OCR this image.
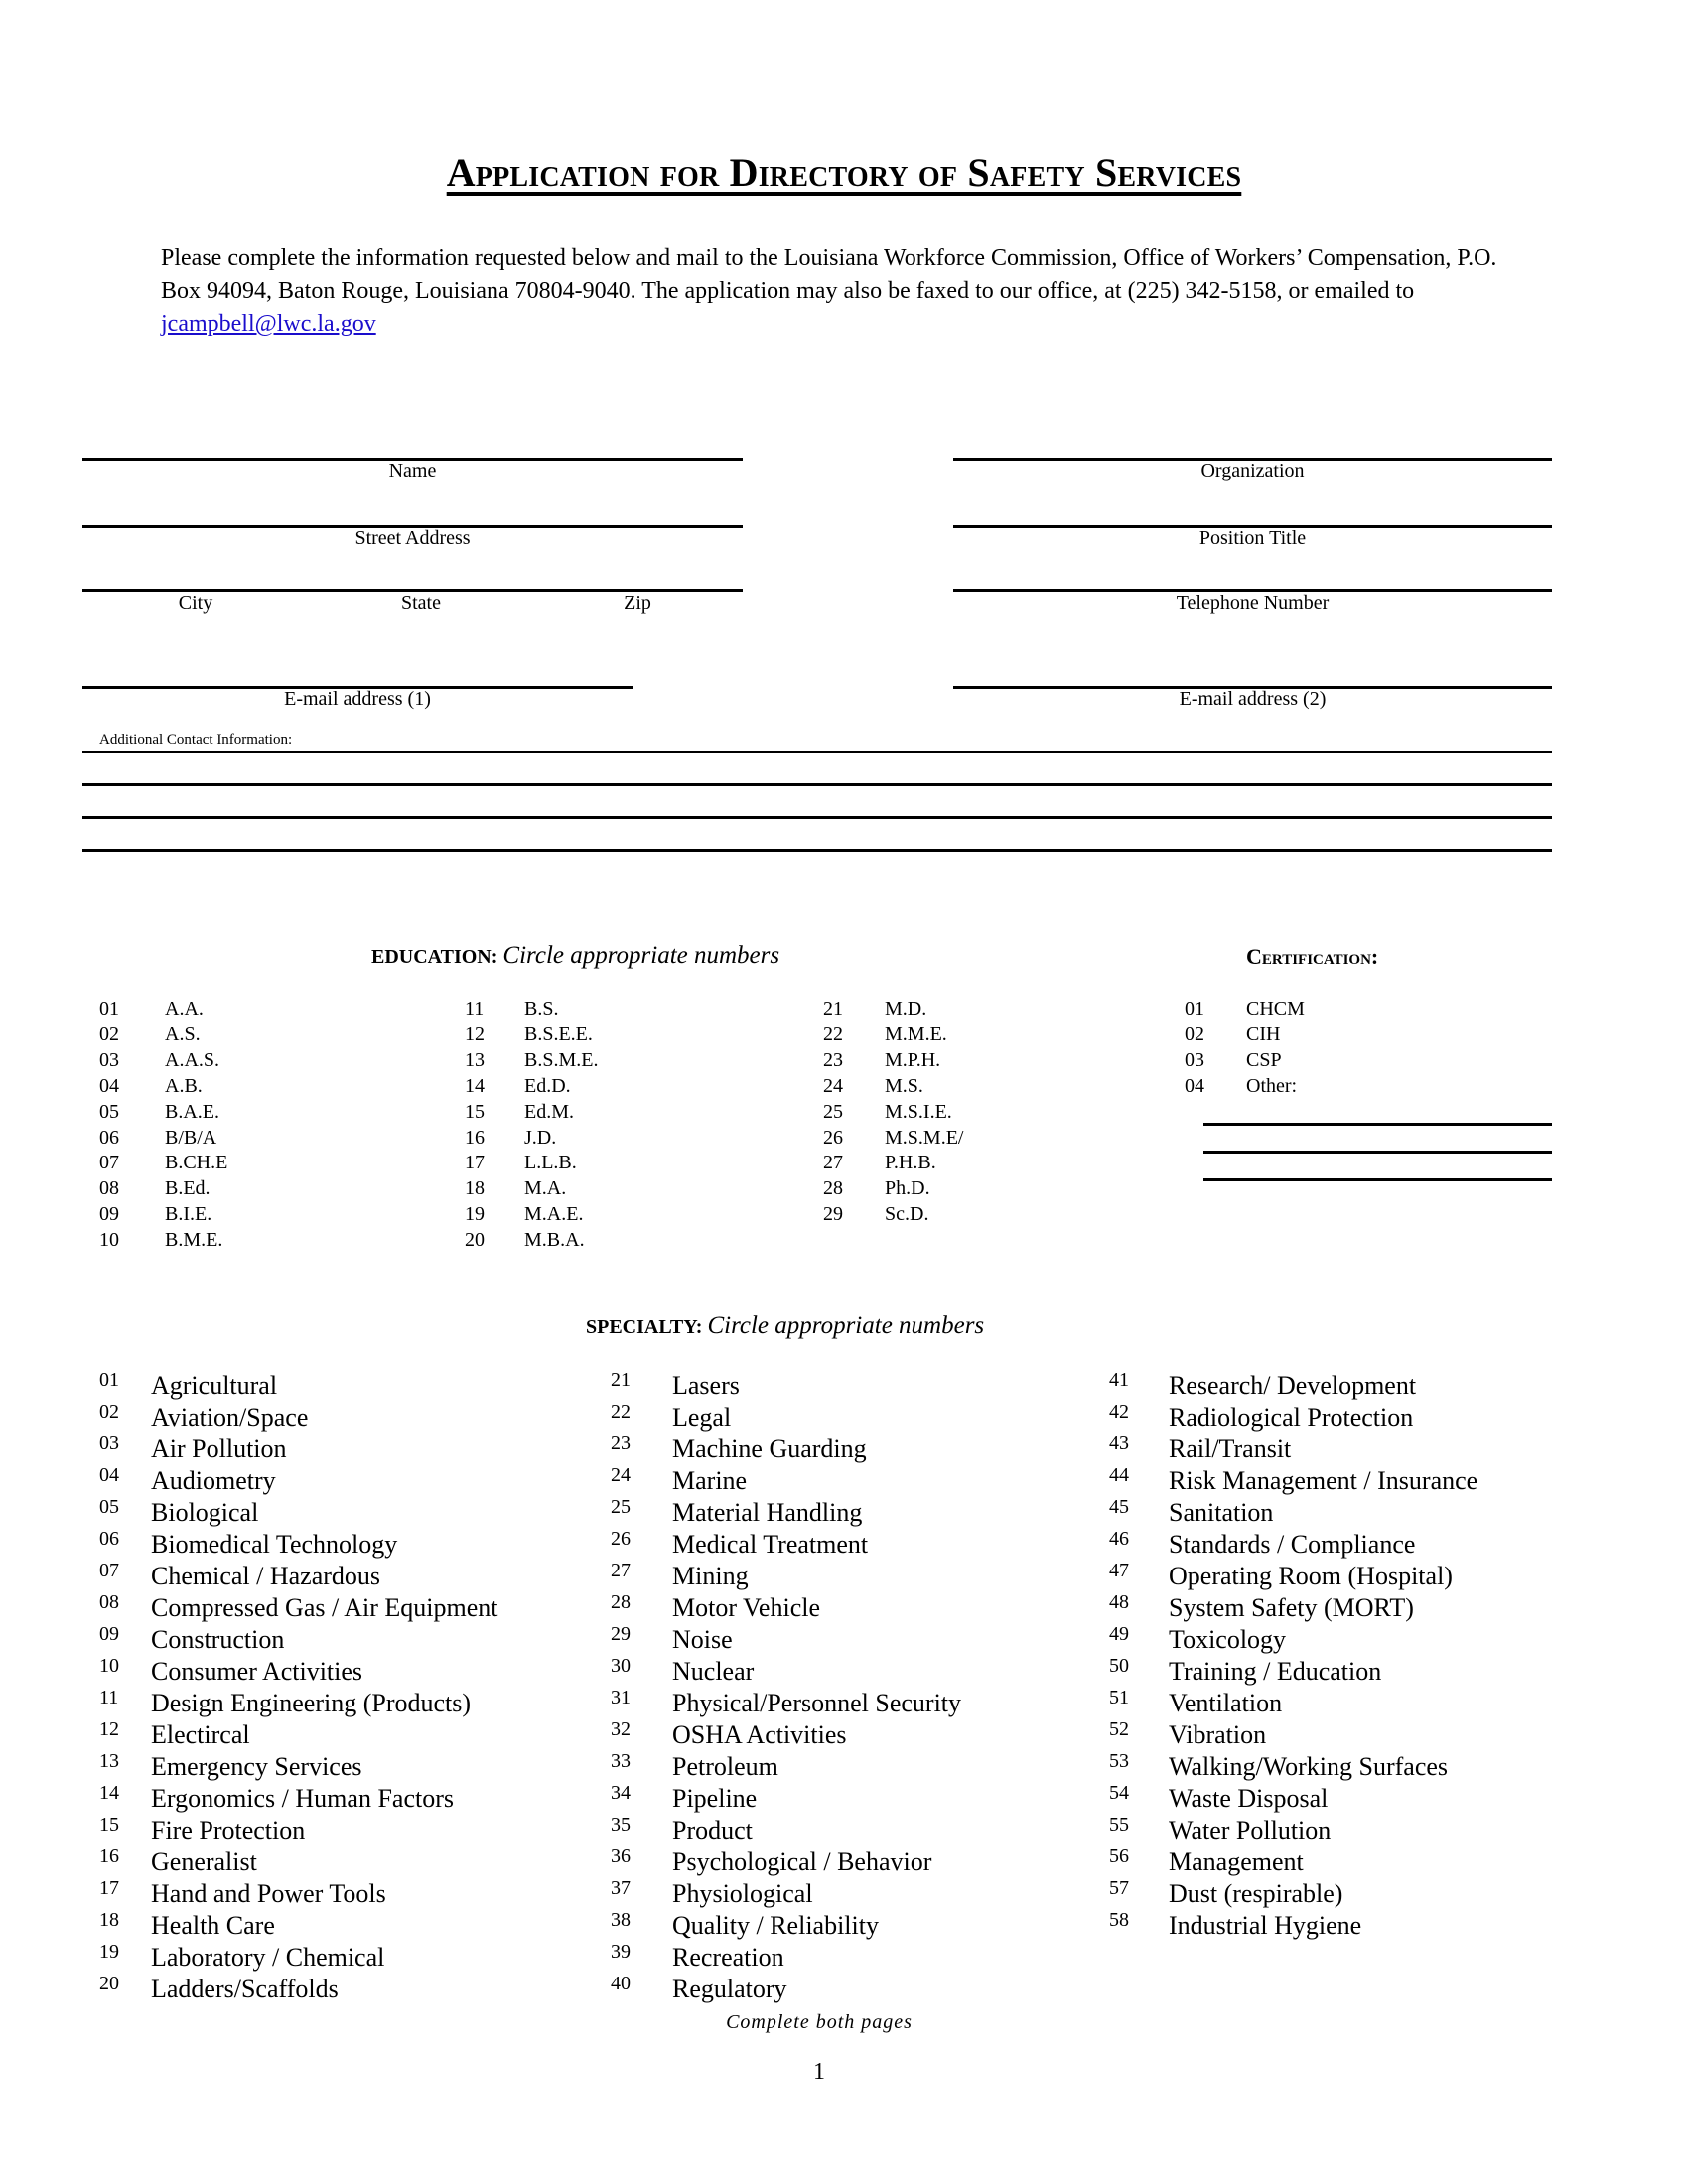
Application for Directory of Safety Services
Please complete the information requested below and mail to the Louisiana Workforce Commission, Office of Workers’ Compensation, P.O. Box 94094, Baton Rouge, Louisiana 70804-9040. The application may also be faxed to our office, at (225) 342-5158, or emailed to jcampbell@lwc.la.gov
Name
Street Address
City	State	Zip
E-mail address (1)
Organization
Position Title
Telephone Number
E-mail address (2)
Additional Contact Information:
EDUCATION: Circle appropriate numbers	Certification:
01 A.A.
02 A.S.
03 A.A.S.
04 A.B.
05 B.A.E.
06 B/B/A
07 B.CH.E
08 B.Ed.
09 B.I.E.
10 B.M.E.
11 B.S.
12 B.S.E.E.
13 B.S.M.E.
14 Ed.D.
15 Ed.M.
16 J.D.
17 L.L.B.
18 M.A.
19 M.A.E.
20 M.B.A.
21 M.D.
22 M.M.E.
23 M.P.H.
24 M.S.
25 M.S.I.E.
26 M.S.M.E/
27 P.H.B.
28 Ph.D.
29 Sc.D.
01 CHCM
02 CIH
03 CSP
04 Other:
SPECIALTY: Circle appropriate numbers
01 Agricultural
02 Aviation/Space
03 Air Pollution
04 Audiometry
05 Biological
06 Biomedical Technology
07 Chemical / Hazardous
08 Compressed Gas / Air Equipment
09 Construction
10 Consumer Activities
11 Design Engineering (Products)
12 Electircal
13 Emergency Services
14 Ergonomics / Human Factors
15 Fire Protection
16 Generalist
17 Hand and Power Tools
18 Health Care
19 Laboratory / Chemical
20 Ladders/Scaffolds
21 Lasers
22 Legal
23 Machine Guarding
24 Marine
25 Material Handling
26 Medical Treatment
27 Mining
28 Motor Vehicle
29 Noise
30 Nuclear
31 Physical/Personnel Security
32 OSHA Activities
33 Petroleum
34 Pipeline
35 Product
36 Psychological / Behavior
37 Physiological
38 Quality / Reliability
39 Recreation
40 Regulatory
41 Research/ Development
42 Radiological Protection
43 Rail/Transit
44 Risk Management / Insurance
45 Sanitation
46 Standards / Compliance
47 Operating Room (Hospital)
48 System Safety (MORT)
49 Toxicology
50 Training / Education
51 Ventilation
52 Vibration
53 Walking/Working Surfaces
54 Waste Disposal
55 Water Pollution
56 Management
57 Dust (respirable)
58 Industrial Hygiene
Complete both pages
1
